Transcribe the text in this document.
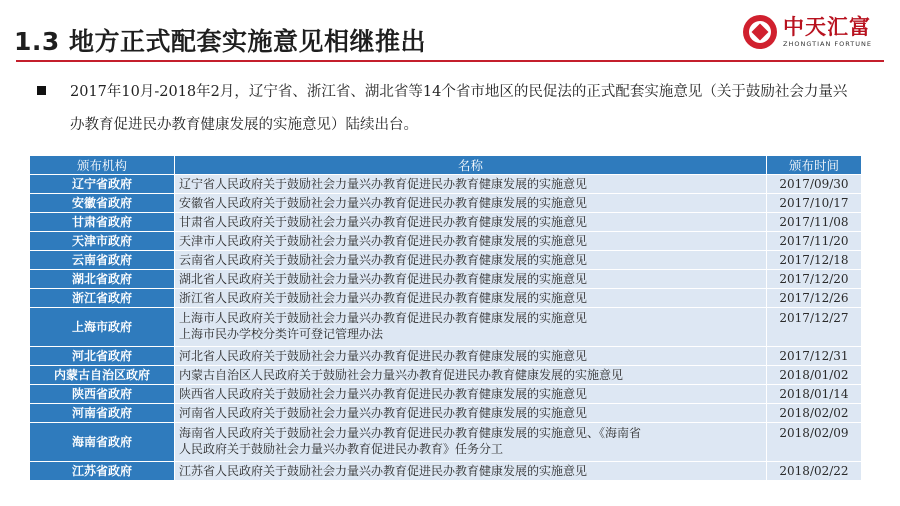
1.3 地方正式配套实施意见相继推出
中天汇富
ZHONGTIAN FORTUNE
2017年10月-2018年2月，辽宁省、浙江省、湖北省等14个省市地区的民促法的正式配套实施意见（关于鼓励社会力量兴办教育促进民办教育健康发展的实施意见）陆续出台。
颁布机构	名称	颁布时间
辽宁省政府	辽宁省人民政府关于鼓励社会力量兴办教育促进民办教育健康发展的实施意见	2017/09/30
安徽省政府	安徽省人民政府关于鼓励社会力量兴办教育促进民办教育健康发展的实施意见	2017/10/17
甘肃省政府	甘肃省人民政府关于鼓励社会力量兴办教育促进民办教育健康发展的实施意见	2017/11/08
天津市政府	天津市人民政府关于鼓励社会力量兴办教育促进民办教育健康发展的实施意见	2017/11/20
云南省政府	云南省人民政府关于鼓励社会力量兴办教育促进民办教育健康发展的实施意见	2017/12/18
湖北省政府	湖北省人民政府关于鼓励社会力量兴办教育促进民办教育健康发展的实施意见	2017/12/20
浙江省政府	浙江省人民政府关于鼓励社会力量兴办教育促进民办教育健康发展的实施意见	2017/12/26
上海市政府	上海市人民政府关于鼓励社会力量兴办教育促进民办教育健康发展的实施意见
上海市民办学校分类许可登记管理办法	2017/12/27
河北省政府	河北省人民政府关于鼓励社会力量兴办教育促进民办教育健康发展的实施意见	2017/12/31
内蒙古自治区政府	内蒙古自治区人民政府关于鼓励社会力量兴办教育促进民办教育健康发展的实施意见	2018/01/02
陕西省政府	陕西省人民政府关于鼓励社会力量兴办教育促进民办教育健康发展的实施意见	2018/01/14
河南省政府	河南省人民政府关于鼓励社会力量兴办教育促进民办教育健康发展的实施意见	2018/02/02
海南省政府	海南省人民政府关于鼓励社会力量兴办教育促进民办教育健康发展的实施意见、《海南省
人民政府关于鼓励社会力量兴办教育促进民办教育》任务分工	2018/02/09
江苏省政府	江苏省人民政府关于鼓励社会力量兴办教育促进民办教育健康发展的实施意见	2018/02/22
